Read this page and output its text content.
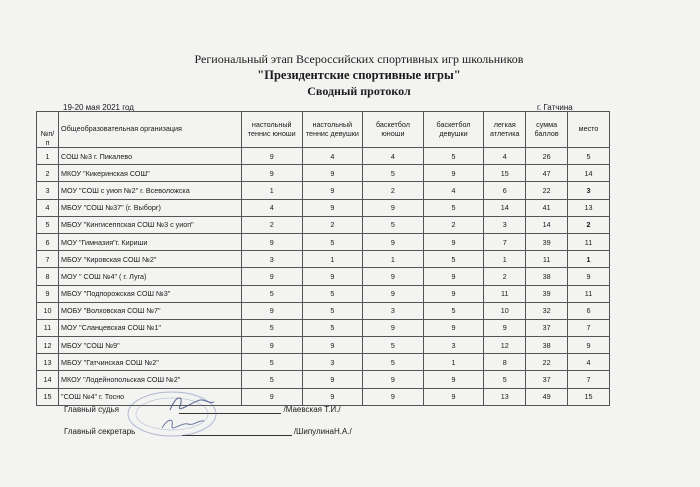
Региональный этап Всероссийских спортивных игр школьников
"Президентские спортивные игры"
Сводный протокол
19-20 мая 2021 год	г. Гатчина
№п/п	Общеобразовательная организация	настольный теннис юноши	настольный теннис девушки	баскетбол юноши	баскетбол девушки	легкая атлетика	сумма баллов	место
1	СОШ №3 г. Пикалево	9	4	4	5	4	26	5
2	МКОУ "Кикеринская СОШ"	9	9	5	9	15	47	14
3	МОУ "СОШ с уиоп №2" г. Всеволожска	1	9	2	4	6	22	3
4	МБОУ "СОШ №37" (г. Выборг)	4	9	9	5	14	41	13
5	МБОУ "Кингисеппская СОШ №3 с уиоп"	2	2	5	2	3	14	2
6	МОУ "Гимназия"г. Кириши	9	5	9	9	7	39	11
7	МБОУ "Кировская СОШ №2"	3	1	1	5	1	11	1
8	МОУ " СОШ №4" ( г. Луга)	9	9	9	9	2	38	9
9	МБОУ "Подпорожская СОШ №3"	5	5	9	9	11	39	11
10	МОБУ "Волховская СОШ №7"	9	5	3	5	10	32	6
11	МОУ "Сланцевская СОШ №1"	5	5	9	9	9	37	7
12	МБОУ "СОШ №9"	9	9	5	3	12	38	9
13	МБОУ "Гатчинская СОШ №2"	5	3	5	1	8	22	4
14	МКОУ "Лодейнопольская СОШ №2"	5	9	9	9	5	37	7
15	"СОШ №4" г. Тосно	9	9	9	9	13	49	15
Главный судья	/Маевская Т.И./
Главный секретарь	/ШипулинаН.А./
